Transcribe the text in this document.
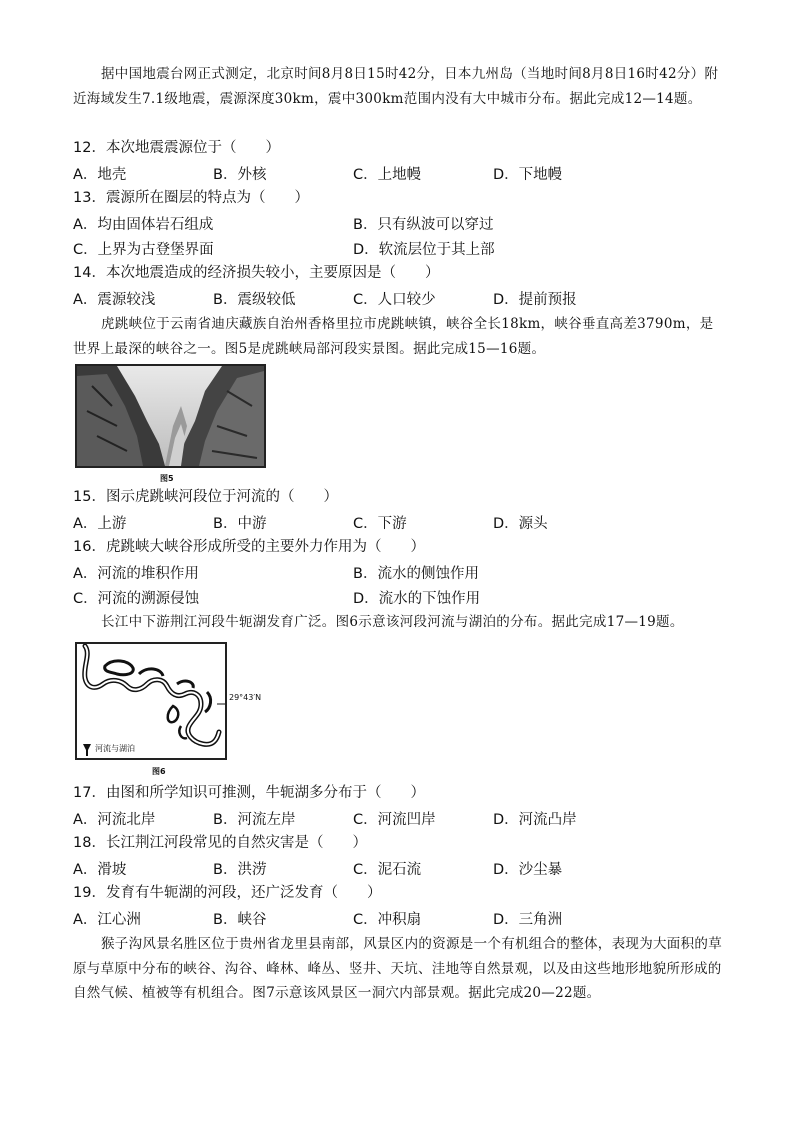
据中国地震台网正式测定，北京时间8月8日15时42分，日本九州岛（当地时间8月8日16时42分）附近海域发生7.1级地震，震源深度30km，震中300km范围内没有大中城市分布。据此完成12—14题。
12．本次地震震源位于（　　）
A．地壳	B．外核	C．上地幔	D．下地幔
13．震源所在圈层的特点为（　　）
A．均由固体岩石组成	B．只有纵波可以穿过
C．上界为古登堡界面	D．软流层位于其上部
14．本次地震造成的经济损失较小，主要原因是（　　）
A．震源较浅	B．震级较低	C．人口较少	D．提前预报
虎跳峡位于云南省迪庆藏族自治州香格里拉市虎跳峡镇，峡谷全长18km，峡谷垂直高差3790m，是世界上最深的峡谷之一。图5是虎跳峡局部河段实景图。据此完成15—16题。
图5
15．图示虎跳峡河段位于河流的（　　）
A．上游	B．中游	C．下游	D．源头
16．虎跳峡大峡谷形成所受的主要外力作用为（　　）
A．河流的堆积作用	B．流水的侧蚀作用
C．河流的溯源侵蚀	D．流水的下蚀作用
长江中下游荆江河段牛轭湖发育广泛。图6示意该河段河流与湖泊的分布。据此完成17—19题。
29°43′N
河流与湖泊
图6
17．由图和所学知识可推测，牛轭湖多分布于（　　）
A．河流北岸	B．河流左岸	C．河流凹岸	D．河流凸岸
18．长江荆江河段常见的自然灾害是（　　）
A．滑坡	B．洪涝	C．泥石流	D．沙尘暴
19．发育有牛轭湖的河段，还广泛发育（　　）
A．江心洲	B．峡谷	C．冲积扇	D．三角洲
猴子沟风景名胜区位于贵州省龙里县南部，风景区内的资源是一个有机组合的整体，表现为大面积的草原与草原中分布的峡谷、沟谷、峰林、峰丛、竖井、天坑、洼地等自然景观，以及由这些地形地貌所形成的自然气候、植被等有机组合。图7示意该风景区一洞穴内部景观。据此完成20—22题。
